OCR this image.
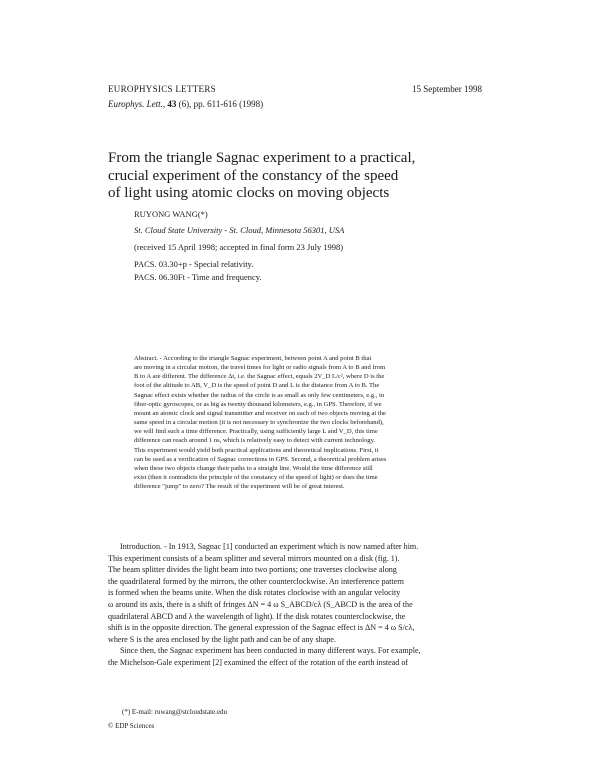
EUROPHYSICS LETTERS	15 September 1998
Europhys. Lett., 43 (6), pp. 611-616 (1998)
From the triangle Sagnac experiment to a practical,
crucial experiment of the constancy of the speed
of light using atomic clocks on moving objects
RUYONG WANG(*)
St. Cloud State University - St. Cloud, Minnesota 56301, USA
(received 15 April 1998; accepted in final form 23 July 1998)
PACS. 03.30+p - Special relativity.
PACS. 06.30Ft - Time and frequency.
Abstract. - According to the triangle Sagnac experiment, between point A and point B that
are moving in a circular motion, the travel times for light or radio signals from A to B and from
B to A are different. The difference Δt, i.e. the Sagnac effect, equals 2V_D L/c², where D is the
foot of the altitude to AB, V_D is the speed of point D and L is the distance from A to B. The
Sagnac effect exists whether the radius of the circle is as small as only few centimeters, e.g., in
fiber-optic gyroscopes, or as big as twenty thousand kilometers, e.g., in GPS. Therefore, if we
mount an atomic clock and signal transmitter and receiver on each of two objects moving at the
same speed in a circular motion (it is not necessary to synchronize the two clocks beforehand),
we will find such a time difference. Practically, using sufficiently large L and V_D, this time
difference can reach around 1 ns, which is relatively easy to detect with current technology.
This experiment would yield both practical applications and theoretical implications. First, it
can be used as a verification of Sagnac corrections in GPS. Second, a theoretical problem arises
when these two objects change their paths to a straight line. Would the time difference still
exist (then it contradicts the principle of the constancy of the speed of light) or does the time
difference "jump" to zero? The result of the experiment will be of great interest.
Introduction. - In 1913, Sagnac [1] conducted an experiment which is now named after him.
This experiment consists of a beam splitter and several mirrors mounted on a disk (fig. 1).
The beam splitter divides the light beam into two portions; one traverses clockwise along
the quadrilateral formed by the mirrors, the other counterclockwise. An interference pattern
is formed when the beams unite. When the disk rotates clockwise with an angular velocity
ω around its axis, there is a shift of fringes ΔN = 4 ω S_ABCD/cλ (S_ABCD is the area of the
quadrilateral ABCD and λ the wavelength of light). If the disk rotates counterclockwise, the
shift is in the opposite direction. The general expression of the Sagnac effect is ΔN = 4 ω S/cλ,
where S is the area enclosed by the light path and can be of any shape.
Since then, the Sagnac experiment has been conducted in many different ways. For example,
the Michelson-Gale experiment [2] examined the effect of the rotation of the earth instead of
(*) E-mail: ruwang@stcloudstate.edu
© EDP Sciences
